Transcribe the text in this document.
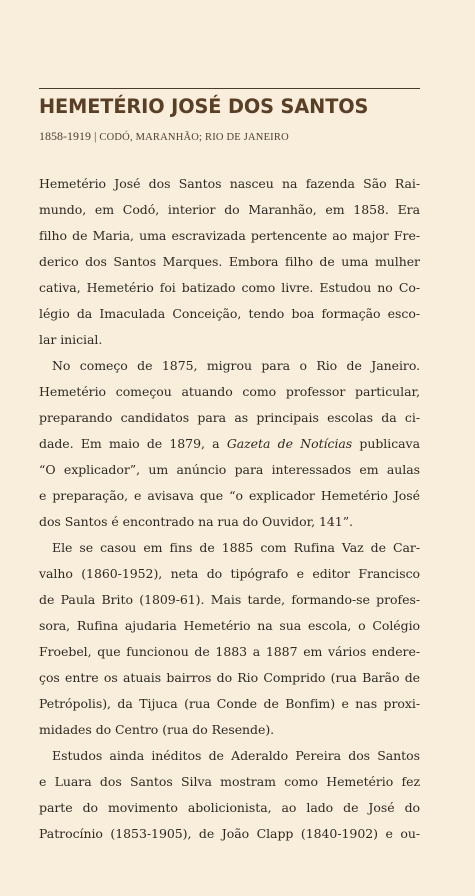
HEMETÉRIO JOSÉ DOS SANTOS
1858-1919 | CODÓ, MARANHÃO; RIO DE JANEIRO
Hemetério José dos Santos nasceu na fazenda São Rai-
mundo, em Codó, interior do Maranhão, em 1858. Era
filho de Maria, uma escravizada pertencente ao major Fre-
derico dos Santos Marques. Embora filho de uma mulher
cativa, Hemetério foi batizado como livre. Estudou no Co-
légio da Imaculada Conceição, tendo boa formação esco-
lar inicial.
No começo de 1875, migrou para o Rio de Janeiro.
Hemetério começou atuando como professor particular,
preparando candidatos para as principais escolas da ci-
dade. Em maio de 1879, a Gazeta de Notícias publicava
“O explicador”, um anúncio para interessados em aulas
e preparação, e avisava que “o explicador Hemetério José
dos Santos é encontrado na rua do Ouvidor, 141”.
Ele se casou em fins de 1885 com Rufina Vaz de Car-
valho (1860-1952), neta do tipógrafo e editor Francisco
de Paula Brito (1809-61). Mais tarde, formando-se profes-
sora, Rufina ajudaria Hemetério na sua escola, o Colégio
Froebel, que funcionou de 1883 a 1887 em vários endere-
ços entre os atuais bairros do Rio Comprido (rua Barão de
Petrópolis), da Tijuca (rua Conde de Bonfim) e nas proxi-
midades do Centro (rua do Resende).
Estudos ainda inéditos de Aderaldo Pereira dos Santos
e Luara dos Santos Silva mostram como Hemetério fez
parte do movimento abolicionista, ao lado de José do
Patrocínio (1853-1905), de João Clapp (1840-1902) e ou-
